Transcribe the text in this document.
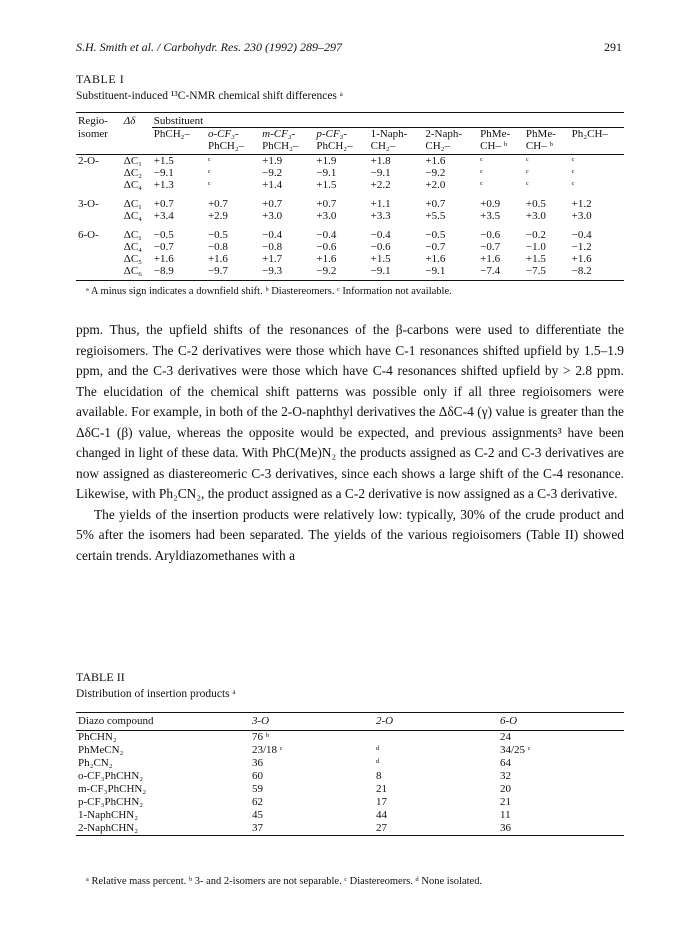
S.H. Smith et al. / Carbohydr. Res. 230 (1992) 289–297	291
TABLE I
Substituent-induced ¹³C-NMR chemical shift differences ᵃ
Regio-	Δδ	Substituent								
isomer		PhCH₂–	o-CF₃-	m-CF₃-	p-CF₃-	1-Naph-	2-Naph-	PhMe-	PhMe-	Ph₂CH–
			PhCH₂–	PhCH₂–	PhCH₂–	CH₂–	CH₂–	CH– ᵇ	CH– ᵇ	
2-O-	ΔC₁	+1.5	ᶜ	+1.9	+1.9	+1.8	+1.6	ᶜ	ᶜ	ᶜ
	ΔC₂	−9.1	ᶜ	−9.2	−9.1	−9.1	−9.2	ᶜ	ᶜ	ᶜ
	ΔC₄	+1.3	ᶜ	+1.4	+1.5	+2.2	+2.0	ᶜ	ᶜ	ᶜ
3-O-	ΔC₁	+0.7	+0.7	+0.7	+0.7	+1.1	+0.7	+0.9	+0.5	+1.2
	ΔC₄	+3.4	+2.9	+3.0	+3.0	+3.3	+5.5	+3.5	+3.0	+3.0
6-O-	ΔC₁	−0.5	−0.5	−0.4	−0.4	−0.4	−0.5	−0.6	−0.2	−0.4
	ΔC₄	−0.7	−0.8	−0.8	−0.6	−0.6	−0.7	−0.7	−1.0	−1.2
	ΔC₅	+1.6	+1.6	+1.7	+1.6	+1.5	+1.6	+1.6	+1.5	+1.6
	ΔC₆	−8.9	−9.7	−9.3	−9.2	−9.1	−9.1	−7.4	−7.5	−8.2
ᵃ A minus sign indicates a downfield shift. ᵇ Diastereomers. ᶜ Information not available.

ppm. Thus, the upfield shifts of the resonances of the β-carbons were used to differentiate the regioisomers. The C-2 derivatives were those which have C-1 resonances shifted upfield by 1.5–1.9 ppm, and the C-3 derivatives were those which have C-4 resonances shifted upfield by > 2.8 ppm. The elucidation of the chemical shift patterns was possible only if all three regioisomers were available. For example, in both of the 2-O-naphthyl derivatives the ΔδC-4 (γ) value is greater than the ΔδC-1 (β) value, whereas the opposite would be expected, and previous assignments³ have been changed in light of these data. With PhC(Me)N₂ the products assigned as C-2 and C-3 derivatives are now assigned as diastereomeric C-3 derivatives, since each shows a large shift of the C-4 resonance. Likewise, with Ph₂CN₂, the product assigned as a C-2 derivative is now assigned as a C-3 derivative.

The yields of the insertion products were relatively low: typically, 30% of the crude product and 5% after the isomers had been separated. The yields of the various regioisomers (Table II) showed certain trends. Aryldiazomethanes with a

TABLE II
Distribution of insertion products ᵃ
Diazo compound	3-O	2-O	6-O
PhCHN₂	76 ᵇ		24
PhMeCN₂	23/18 ᶜ	ᵈ	34/25 ᶜ
Ph₂CN₂	36	ᵈ	64
o-CF₃PhCHN₂	60	8	32
m-CF₃PhCHN₂	59	21	20
p-CF₃PhCHN₂	62	17	21
1-NaphCHN₂	45	44	11
2-NaphCHN₂	37	27	36
ᵃ Relative mass percent. ᵇ 3- and 2-isomers are not separable. ᶜ Diastereomers. ᵈ None isolated.
